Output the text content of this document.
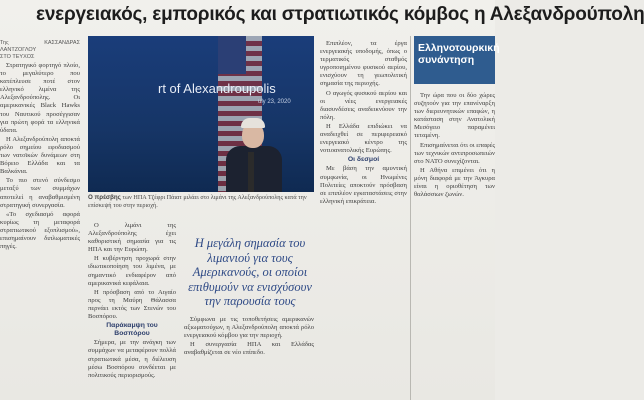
ενεργειακός, εμπορικός και στρατιωτικός κόμβος η Αλεξανδρούπολη

Της ΚΑΣΣΑΝΔΡΑΣ ΛΑΝΤΖΟΓΛΟΥ
ΣΤΟ ΤΕΥΧΟΣ

Στρατηγικό φορτηγό πλοίο, το μεγαλύτερο που κατέπλευσε ποτέ στον ελληνικό λιμένα της Αλεξανδρούπολης. Οι αμερικανικές Black Hawks του Ναυτικού προσέγγισαν για πρώτη φορά τα ελληνικά ύδατα.

Η Αλεξανδρούπολη αποκτά ρόλο σημείου εφοδιασμού των νατοϊκών δυνάμεων στη Βόρειο Ελλάδα και τα Βαλκάνια.

Το πιο στενό σύνδεσμο μεταξύ των συμμάχων αποτελεί η αναβαθμισμένη στρατηγική συνεργασία.

«Το σχεδιασμό αφορά κυρίως τη μεταφορά στρατιωτικού εξοπλισμού», επισημαίνουν διπλωματικές πηγές.

rt of Alexandroupolis
uly 23, 2020
Ο πρέσβης των ΗΠΑ Τζέφρι Πάιατ μιλάει στο λιμάνι της Αλεξανδρούπολης κατά την επίσκεψή του στην περιοχή.

Ο λιμάνι της Αλεξανδρούπολης έχει καθοριστική σημασία για τις ΗΠΑ και την Ευρώπη.

Η κυβέρνηση προχωρά στην ιδιωτικοποίηση του λιμένα, με σημαντικό ενδιαφέρον από αμερικανικά κεφάλαια.

Η πρόσβαση από το Αιγαίο προς τη Μαύρη Θάλασσα περνάει εκτός των Στενών του Βοσπόρου.

Παράκαμψη του Βοσπόρου

Σήμερα, με την ανάγκη των συμμάχων να μεταφέρουν πολλά στρατιωτικά μέσα, η διέλευση μέσω Βοσπόρου συνδέεται με πολιτικούς περιορισμούς.

Η μεγάλη σημασία του λιμανιού για τους Αμερικανούς, οι οποίοι επιθυμούν να ενισχύσουν την παρουσία τους

Σύμφωνα με τις τοποθετήσεις αμερικανών αξιωματούχων, η Αλεξανδρούπολη αποκτά ρόλο ενεργειακού κόμβου για την περιοχή.

Η συνεργασία ΗΠΑ και Ελλάδας αναβαθμίζεται σε νέο επίπεδο.

Επιπλέον, τα έργα ενεργειακής υποδομής, όπως ο τερματικός σταθμός υγροποιημένου φυσικού αερίου, ενισχύουν τη γεωπολιτική σημασία της περιοχής.

Ο αγωγός φυσικού αερίου και οι νέες ενεργειακές διασυνδέσεις αναδεικνύουν την πόλη.

Η Ελλάδα επιδιώκει να αναδειχθεί σε περιφερειακό ενεργειακό κέντρο της νοτιοανατολικής Ευρώπης.

Οι δεσμοί

Με βάση την αμυντική συμφωνία, οι Ηνωμένες Πολιτείες αποκτούν πρόσβαση σε επιπλέον εγκαταστάσεις στην ελληνική επικράτεια.

Ελληνοτουρκική συνάντηση

Την ώρα που οι δύο χώρες συζητούν για την επανέναρξη των διερευνητικών επαφών, η κατάσταση στην Ανατολική Μεσόγειο παραμένει τεταμένη.

Επισημαίνεται ότι οι επαφές των τεχνικών αντιπροσωπειών στο ΝΑΤΟ συνεχίζονται.

Η Αθήνα επιμένει ότι η μόνη διαφορά με την Άγκυρα είναι η οριοθέτηση των θαλάσσιων ζωνών.
